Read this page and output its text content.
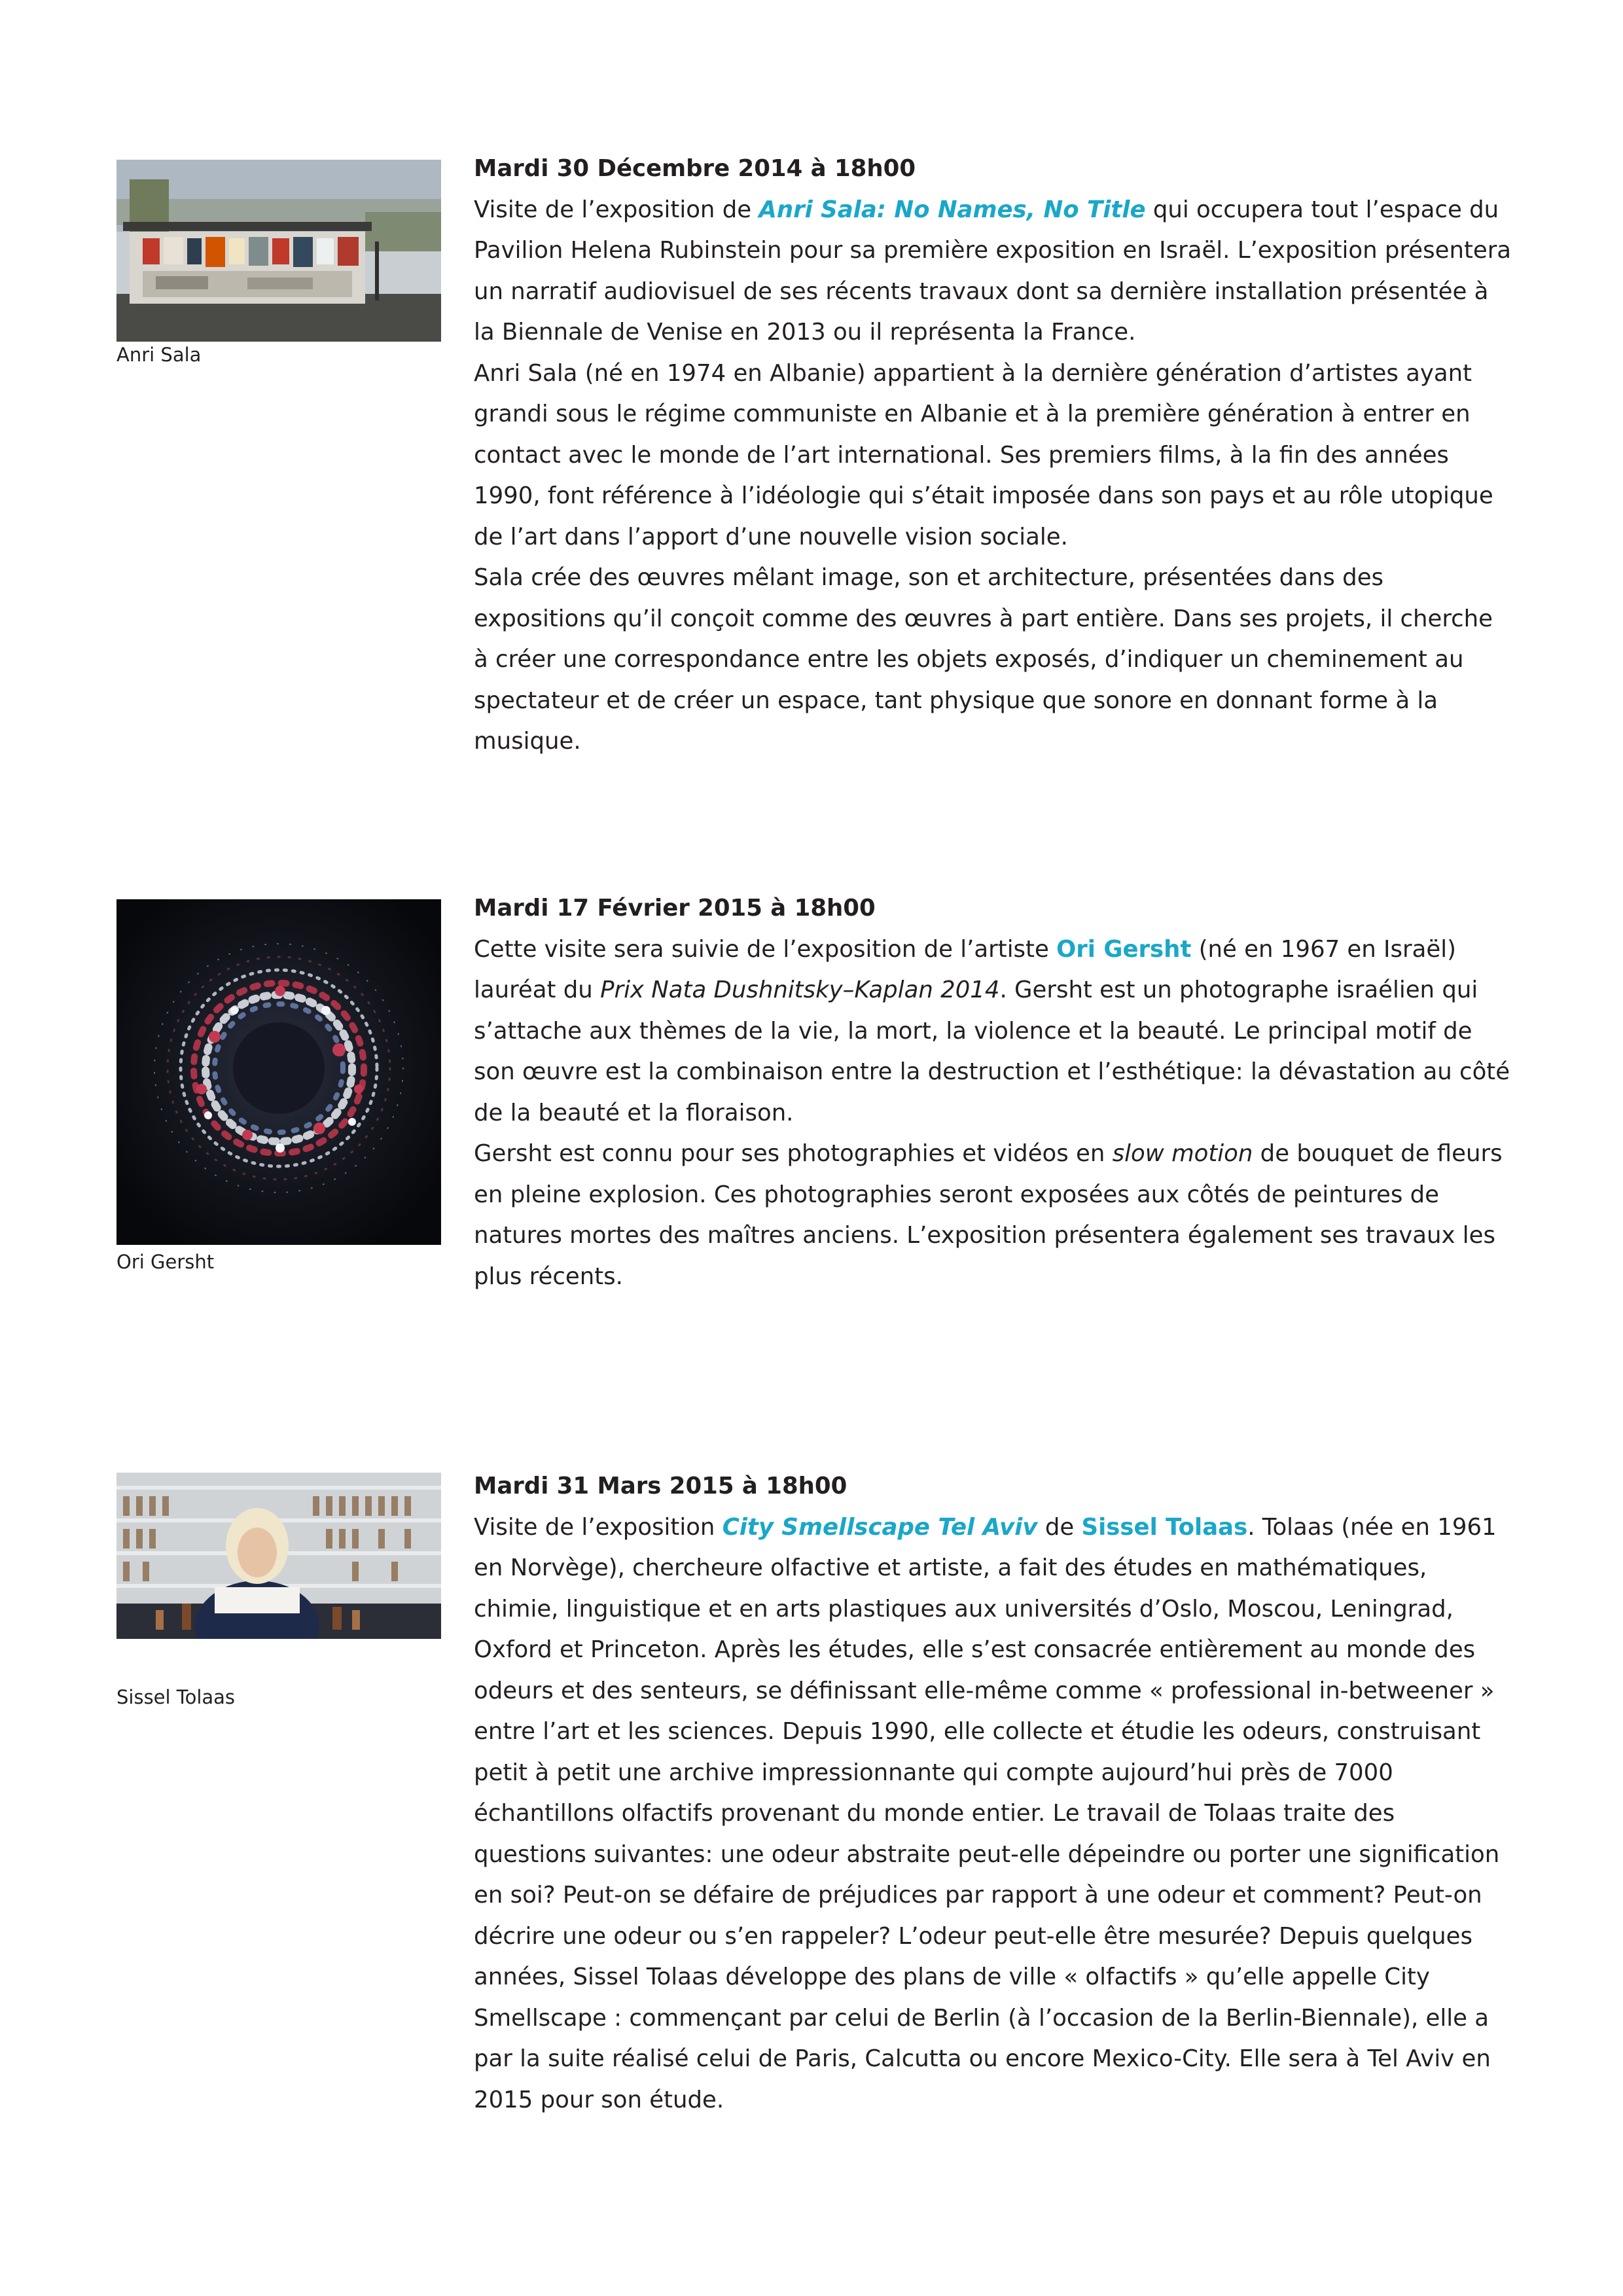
Anri Sala

Mardi 30 Décembre 2014 à 18h00

Visite de l’exposition de Anri Sala: No Names, No Title qui occupera tout l’espace du Pavilion Helena Rubinstein pour sa première exposition en Israël. L’exposition présentera un narratif audiovisuel de ses récents travaux dont sa dernière installation présentée à la Biennale de Venise en 2013 ou il représenta la France.

Anri Sala (né en 1974 en Albanie) appartient à la dernière génération d’artistes ayant grandi sous le régime communiste en Albanie et à la première génération à entrer en contact avec le monde de l’art international. Ses premiers films, à la fin des années 1990, font référence à l’idéologie qui s’était imposée dans son pays et au rôle utopique de l’art dans l’apport d’une nouvelle vision sociale.

Sala crée des œuvres mêlant image, son et architecture, présentées dans des expositions qu’il conçoit comme des œuvres à part entière. Dans ses projets, il cherche à créer une correspondance entre les objets exposés, d’indiquer un cheminement au spectateur et de créer un espace, tant physique que sonore en donnant forme à la musique.

Ori Gersht

Mardi 17 Février 2015 à 18h00

Cette visite sera suivie de l’exposition de l’artiste Ori Gersht (né en 1967 en Israël) lauréat du Prix Nata Dushnitsky–Kaplan 2014. Gersht est un photographe israélien qui s’attache aux thèmes de la vie, la mort, la violence et la beauté. Le principal motif de son œuvre est la combinaison entre la destruction et l’esthétique: la dévastation au côté de la beauté et la floraison.

Gersht est connu pour ses photographies et vidéos en slow motion de bouquet de fleurs en pleine explosion. Ces photographies seront exposées aux côtés de peintures de natures mortes des maîtres anciens. L’exposition présentera également ses travaux les plus récents.

Sissel Tolaas

Mardi 31 Mars 2015 à 18h00

Visite de l’exposition City Smellscape Tel Aviv de Sissel Tolaas. Tolaas (née en 1961 en Norvège), chercheure olfactive et artiste, a fait des études en mathématiques, chimie, linguistique et en arts plastiques aux universités d’Oslo, Moscou, Leningrad, Oxford et Princeton. Après les études, elle s’est consacrée entièrement au monde des odeurs et des senteurs, se définissant elle-même comme « professional in-betweener » entre l’art et les sciences. Depuis 1990, elle collecte et étudie les odeurs, construisant petit à petit une archive impressionnante qui compte aujourd’hui près de 7000 échantillons olfactifs provenant du monde entier. Le travail de Tolaas traite des questions suivantes: une odeur abstraite peut-elle dépeindre ou porter une signification en soi? Peut-on se défaire de préjudices par rapport à une odeur et comment? Peut-on décrire une odeur ou s’en rappeler? L’odeur peut-elle être mesurée? Depuis quelques années, Sissel Tolaas développe des plans de ville « olfactifs » qu’elle appelle City Smellscape : commençant par celui de Berlin (à l’occasion de la Berlin-Biennale), elle a par la suite réalisé celui de Paris, Calcutta ou encore Mexico-City. Elle sera à Tel Aviv en 2015 pour son étude.
